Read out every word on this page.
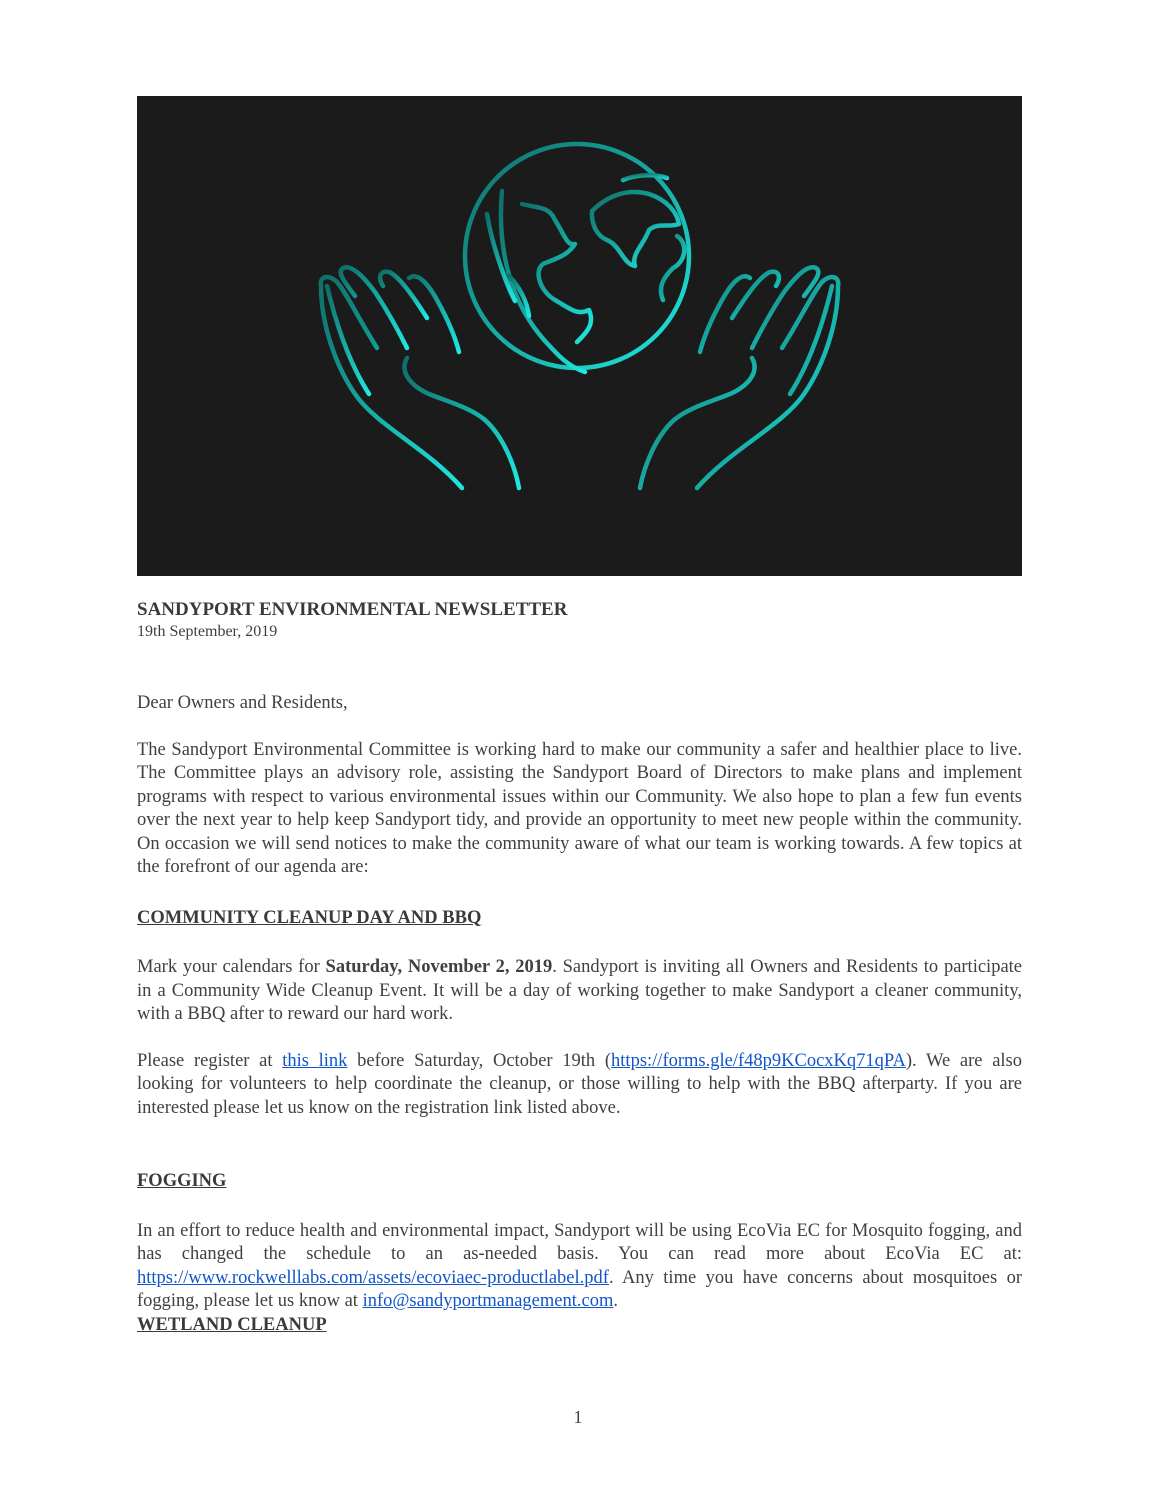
SANDYPORT ENVIRONMENTAL NEWSLETTER
19th September, 2019

Dear Owners and Residents,

The Sandyport Environmental Committee is working hard to make our community a safer and healthier place to live. The Committee plays an advisory role, assisting the Sandyport Board of Directors to make plans and implement programs with respect to various environmental issues within our Community. We also hope to plan a few fun events over the next year to help keep Sandyport tidy, and provide an opportunity to meet new people within the community. On occasion we will send notices to make the community aware of what our team is working towards. A few topics at the forefront of our agenda are:

COMMUNITY CLEANUP DAY AND BBQ

Mark your calendars for Saturday, November 2, 2019. Sandyport is inviting all Owners and Residents to participate in a Community Wide Cleanup Event. It will be a day of working together to make Sandyport a cleaner community, with a BBQ after to reward our hard work.

Please register at this link before Saturday, October 19th (https://forms.gle/f48p9KCocxKq71qPA). We are also looking for volunteers to help coordinate the cleanup, or those willing to help with the BBQ afterparty. If you are interested please let us know on the registration link listed above.

FOGGING

In an effort to reduce health and environmental impact, Sandyport will be using EcoVia EC for Mosquito fogging, and has changed the schedule to an as-needed basis. You can read more about EcoVia EC at: https://www.rockwelllabs.com/assets/ecoviaec-productlabel.pdf. Any time you have concerns about mosquitoes or fogging, please let us know at info@sandyportmanagement.com.

WETLAND CLEANUP
1
